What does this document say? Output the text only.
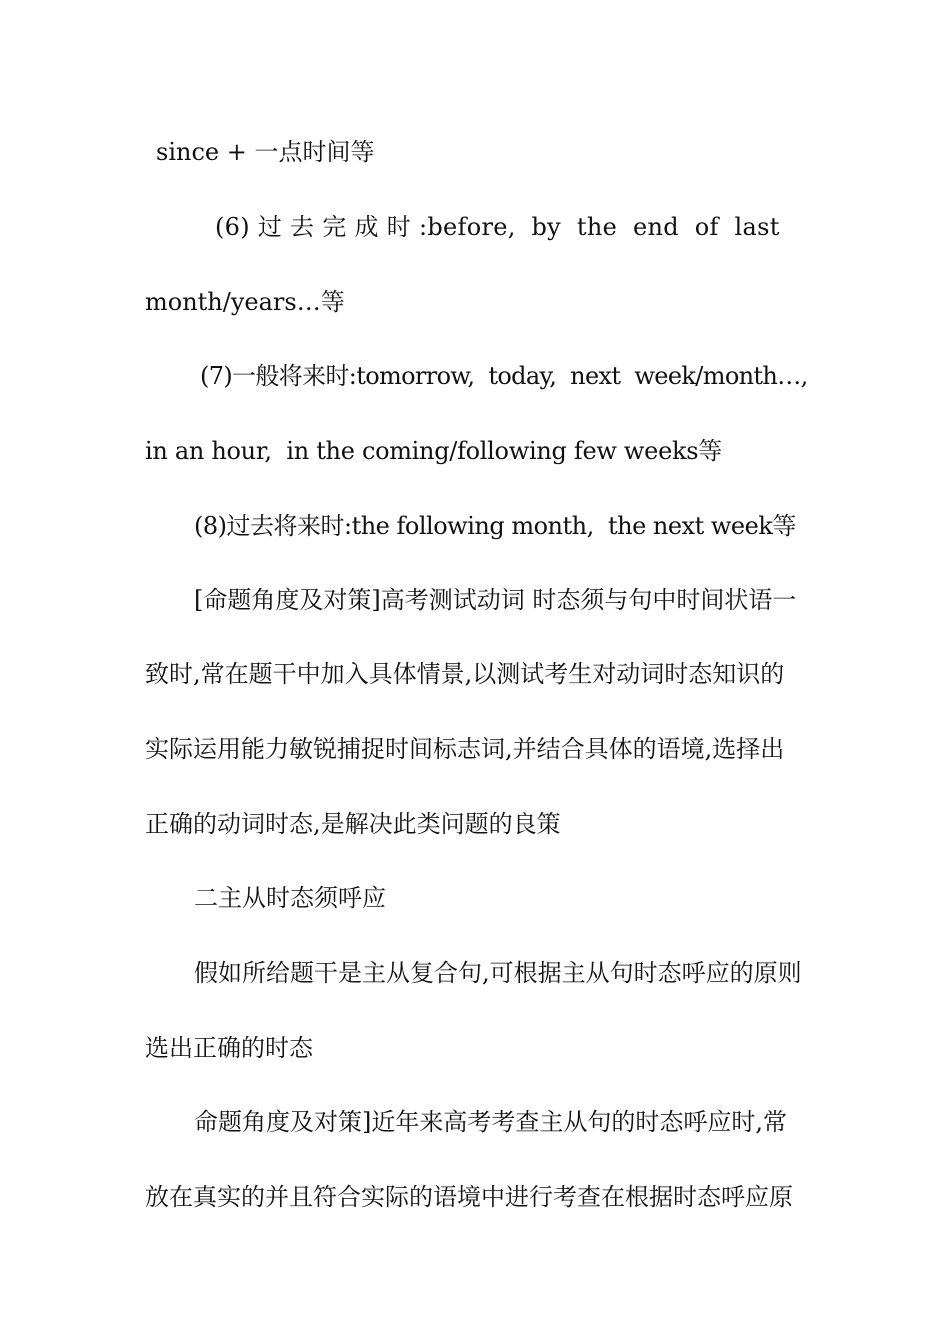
since + 一点时间等
(6) 过 去 完 成 时 :before,  by  the  end  of  last
month/years…等
(7)一般将来时:tomorrow,  today,  next  week/month…,
in an hour,  in the coming/following few weeks等
(8)过去将来时:the following month,  the next week等
[命题角度及对策]高考测试动词 时态须与句中时间状语一
致时,常在题干中加入具体情景,以测试考生对动词时态知识的
实际运用能力敏锐捕捉时间标志词,并结合具体的语境,选择出
正确的动词时态,是解决此类问题的良策
二主从时态须呼应
假如所给题干是主从复合句,可根据主从句时态呼应的原则
选出正确的时态
命题角度及对策]近年来高考考查主从句的时态呼应时,常
放在真实的并且符合实际的语境中进行考查在根据时态呼应原
